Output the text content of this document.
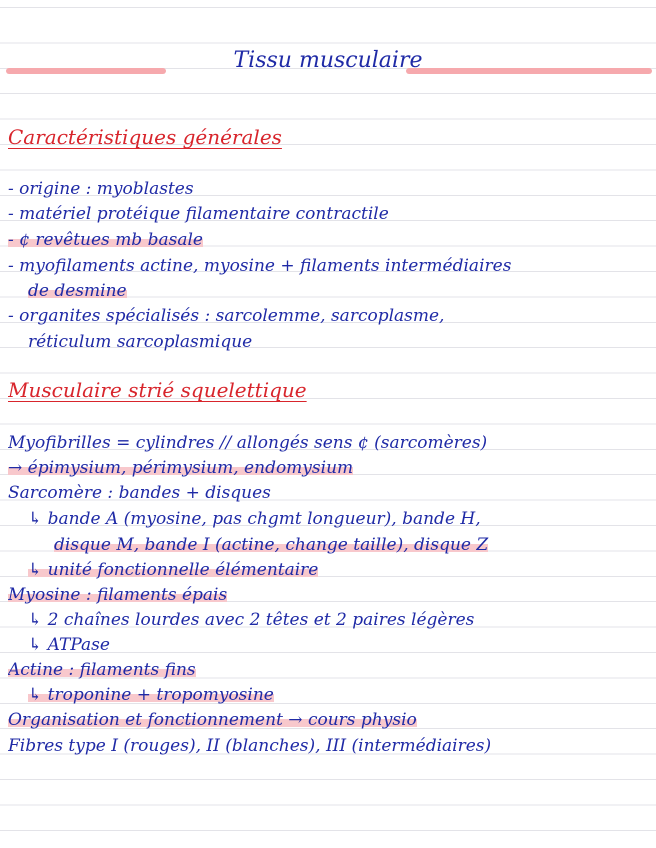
Tissu musculaire
Caractéristiques générales
- origine : myoblastes
- matériel protéique filamentaire contractile
- ¢ revêtues mb basale
- myofilaments actine, myosine + filaments intermédiaires
de desmine
- organites spécialisés : sarcolemme, sarcoplasme,
réticulum sarcoplasmique
Musculaire strié squelettique
Myofibrilles = cylindres // allongés sens ¢ (sarcomères)
→ épimysium, périmysium, endomysium
Sarcomère : bandes + disques
↳ bande A (myosine, pas chgmt longueur), bande H,
disque M, bande I (actine, change taille), disque Z
↳ unité fonctionnelle élémentaire
Myosine : filaments épais
↳ 2 chaînes lourdes avec 2 têtes et 2 paires légères
↳ ATPase
Actine : filaments fins
↳ troponine + tropomyosine
Organisation et fonctionnement → cours physio
Fibres type I (rouges), II (blanches), III (intermédiaires)
